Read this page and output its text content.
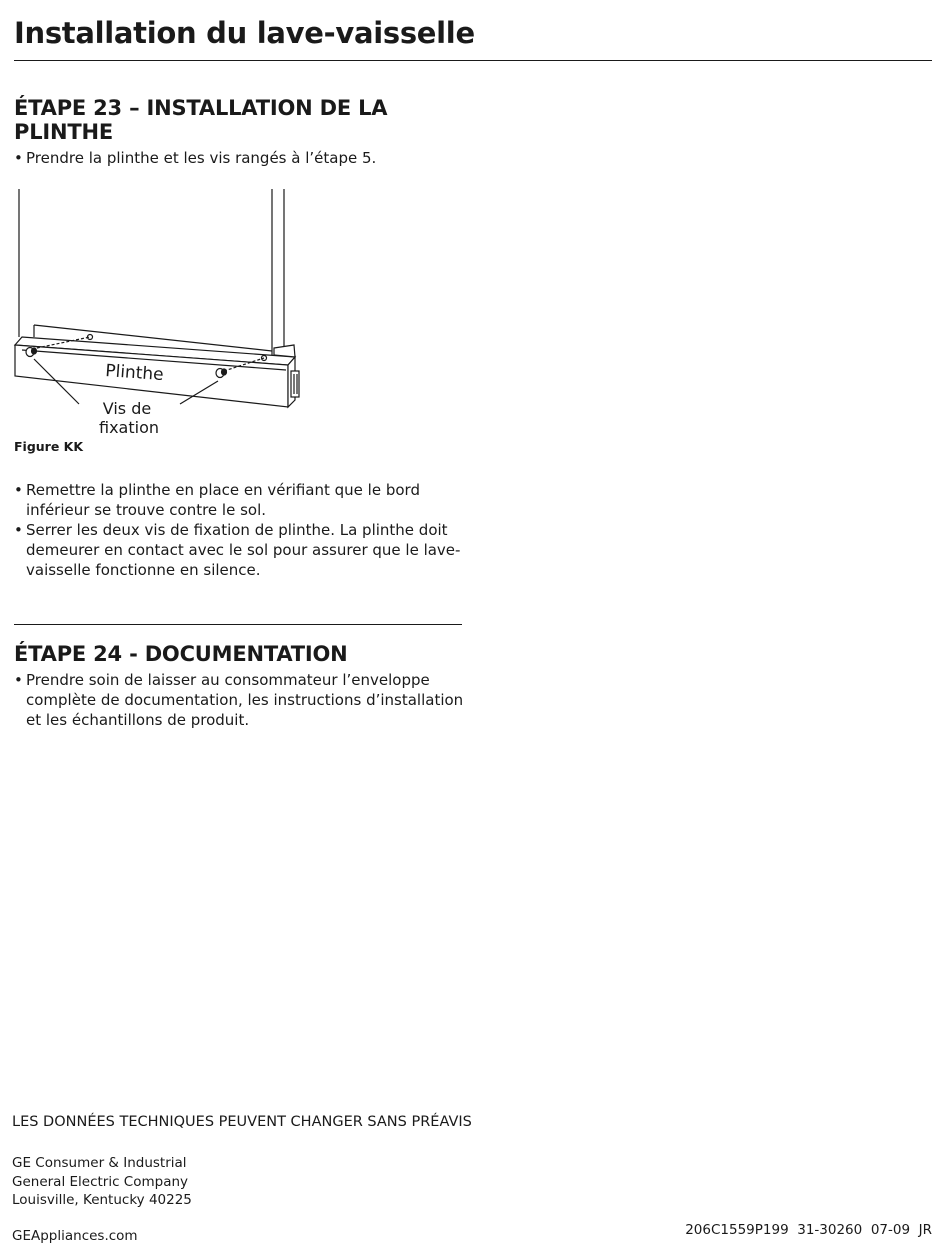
Installation du lave-vaisselle
ÉTAPE 23 – INSTALLATION DE LA PLINTHE
• Prendre la plinthe et les vis rangés à l’étape 5.
Plinthe
Vis de
fixation

Figure KK

• Remettre la plinthe en place en vérifiant que le bord inférieur se trouve contre le sol.
• Serrer les deux vis de fixation de plinthe. La plinthe doit demeurer en contact avec le sol pour assurer que le lave-vaisselle fonctionne en silence.
ÉTAPE 24 - DOCUMENTATION
• Prendre soin de laisser au consommateur l’enveloppe complète de documentation, les instructions d’installation et les échantillons de produit.

LES DONNÉES TECHNIQUES PEUVENT CHANGER SANS PRÉAVIS

GE Consumer & Industrial
General Electric Company
Louisville, Kentucky 40225

GEAppliances.com	206C1559P199  31-30260  07-09  JR
